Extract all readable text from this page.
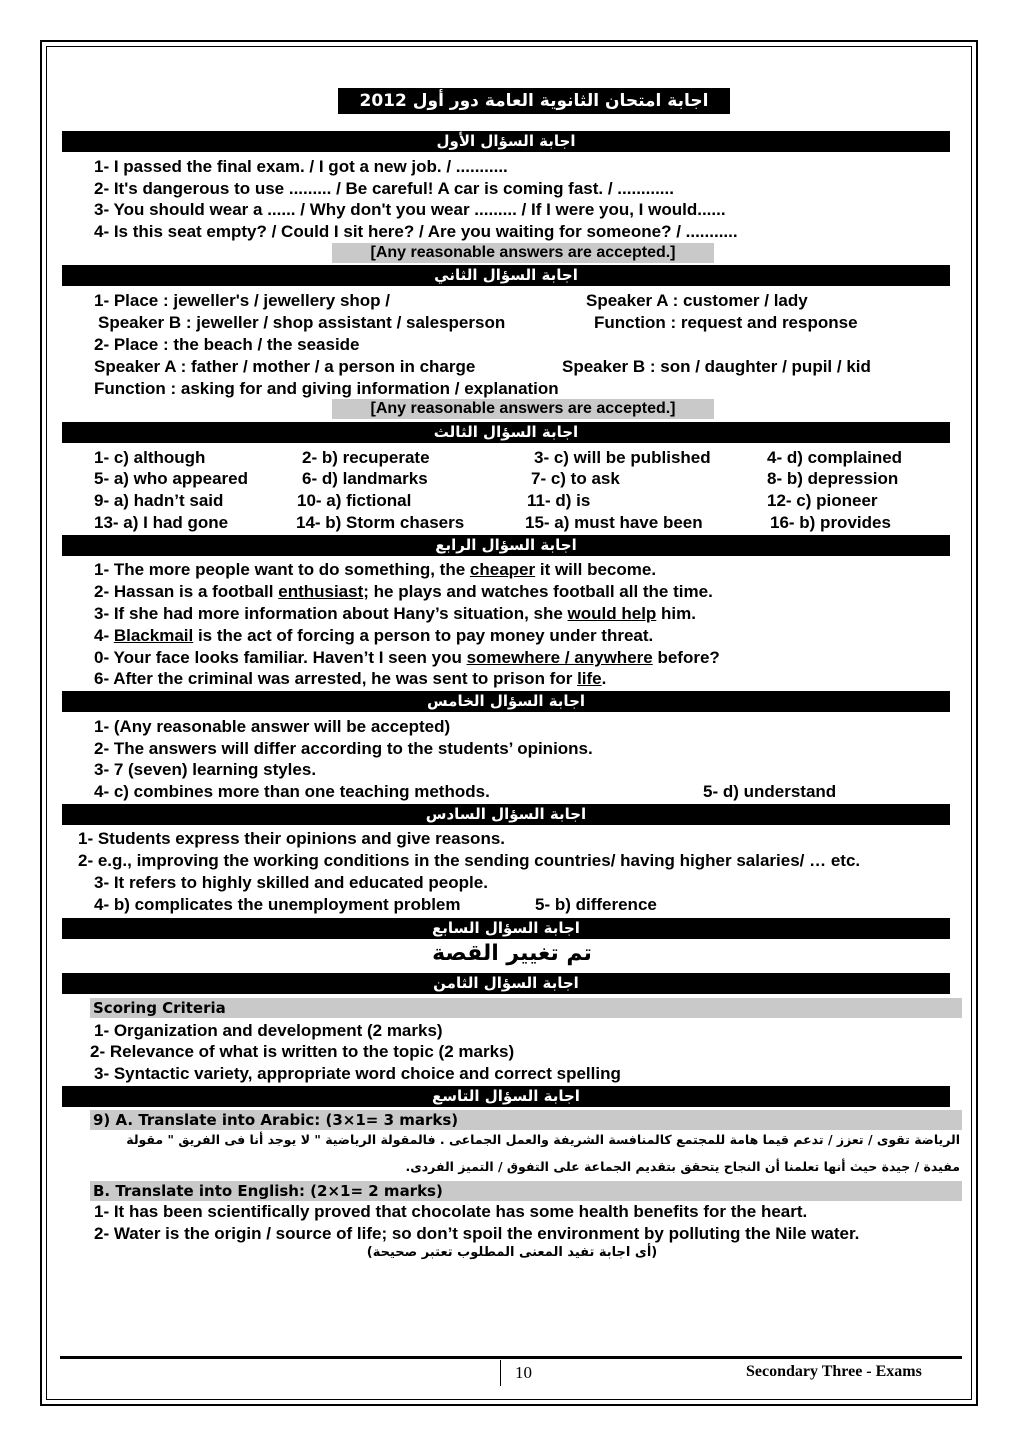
اجابة امتحان الثانوية العامة دور أول 2012
اجابة السؤال الأول
1- I passed the final exam. / I got a new job. / ...........
2- It's dangerous to use ......... / Be careful! A car is coming fast. / ............
3- You should wear a ...... / Why don't you wear ......... / If I were you, I would......
4- Is this seat empty? / Could I sit here? / Are you waiting for someone? / ...........
[Any reasonable answers are accepted.]
اجابة السؤال الثاني
1- Place : jeweller's / jewellery shop /	Speaker A : customer / lady
Speaker B : jeweller / shop assistant / salesperson	Function : request and response
2- Place : the beach / the seaside
Speaker A : father / mother / a person in charge	Speaker B : son / daughter / pupil / kid
Function : asking for and giving information / explanation
[Any reasonable answers are accepted.]
اجابة السؤال الثالث
1- c) although	2- b) recuperate	3- c) will be published	4- d) complained
5- a) who appeared	6- d) landmarks	7- c) to ask	8- b) depression
9- a) hadn’t said	10- a) fictional	11- d) is	12- c) pioneer
13- a) I had gone	14- b) Storm chasers	15- a) must have been	16- b) provides
اجابة السؤال الرابع
1- The more people want to do something, the cheaper it will become.
2- Hassan is a football enthusiast; he plays and watches football all the time.
3- If she had more information about Hany’s situation, she would help him.
4- Blackmail is the act of forcing a person to pay money under threat.
0- Your face looks familiar. Haven’t I seen you somewhere / anywhere before?
6- After the criminal was arrested, he was sent to prison for life.
اجابة السؤال الخامس
1- (Any reasonable answer will be accepted)
2- The answers will differ according to the students’ opinions.
3- 7 (seven) learning styles.
4- c) combines more than one teaching methods.	5- d) understand
اجابة السؤال السادس
1- Students express their opinions and give reasons.
2- e.g., improving the working conditions in the sending countries/ having higher salaries/ … etc.
3- It refers to highly skilled and educated people.
4- b) complicates the unemployment problem	5- b) difference
اجابة السؤال السابع
تم تغيير القصة
اجابة السؤال الثامن
Scoring Criteria
1- Organization and development (2 marks)
2- Relevance of what is written to the topic (2 marks)
3- Syntactic variety, appropriate word choice and correct spelling
اجابة السؤال التاسع
9) A. Translate into Arabic: (3×1= 3 marks)
الرياضة تقوى / تعزز / تدعم قيما هامة للمجتمع كالمنافسة الشريفة والعمل الجماعى . فالمقولة الرياضية " لا يوجد أنا فى الفريق " مقولة
مفيدة / جيدة حيث أنها تعلمنا أن النجاح يتحقق بتقديم الجماعة على التفوق / التميز الفردى.
B. Translate into English: (2×1= 2 marks)
1- It has been scientifically proved that chocolate has some health benefits for the heart.
2- Water is the origin / source of life; so don’t spoil the environment by polluting the Nile water.
(أى اجابة تفيد المعنى المطلوب تعتبر صحيحة)
10	Secondary Three - Exams
